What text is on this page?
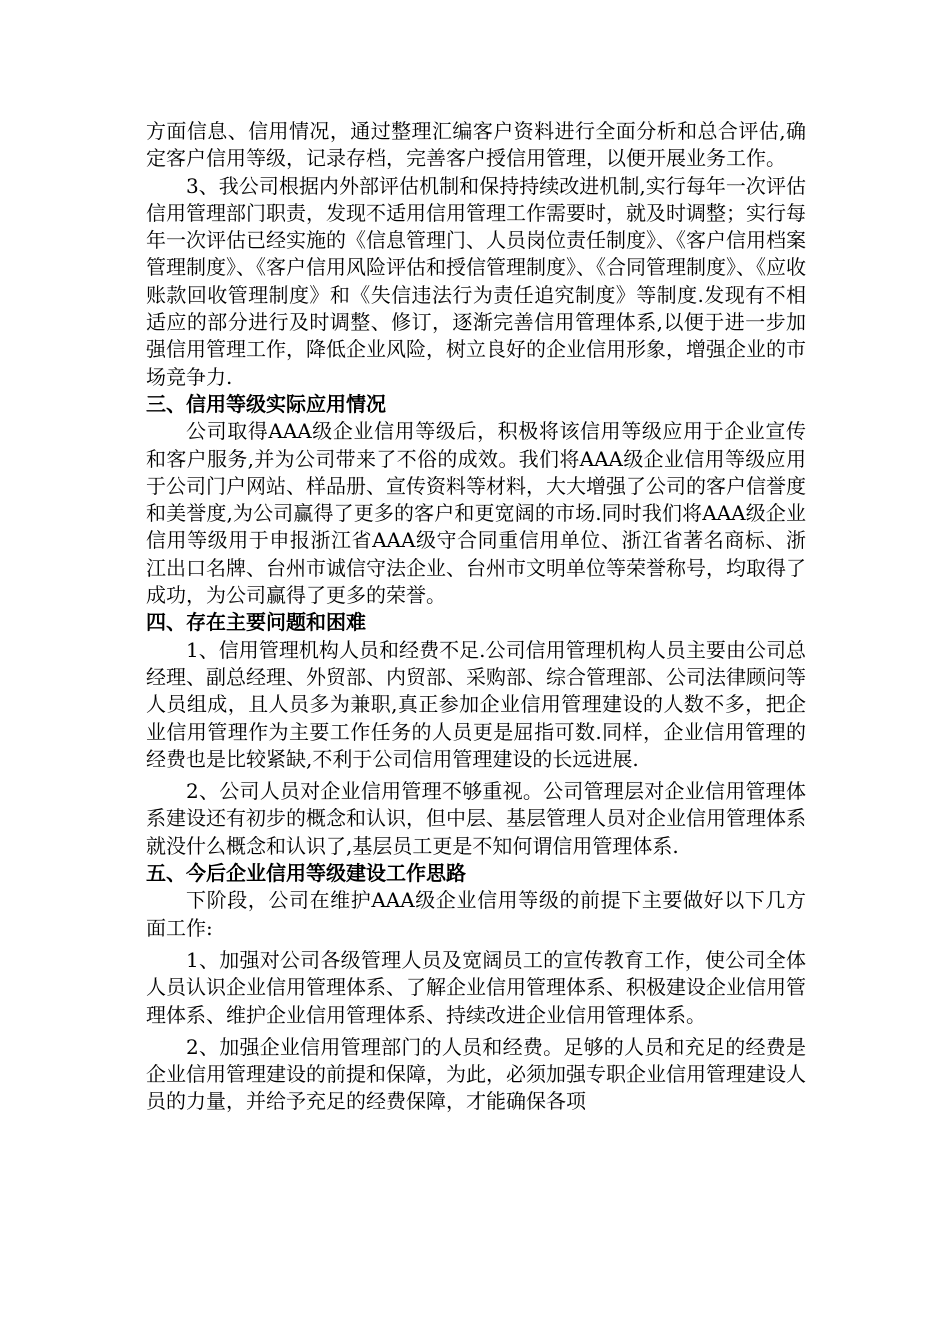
方面信息、信用情况，通过整理汇编客户资料进行全面分析和总合评估,确定客户信用等级，记录存档，完善客户授信用管理，以便开展业务工作。

3、我公司根据内外部评估机制和保持持续改进机制,实行每年一次评估信用管理部门职责，发现不适用信用管理工作需要时，就及时调整；实行每年一次评估已经实施的《信息管理门、人员岗位责任制度》、《客户信用档案管理制度》、《客户信用风险评估和授信管理制度》、《合同管理制度》、《应收账款回收管理制度》和《失信违法行为责任追究制度》等制度.发现有不相适应的部分进行及时调整、修订，逐渐完善信用管理体系,以便于进一步加强信用管理工作，降低企业风险，树立良好的企业信用形象，增强企业的市场竞争力.

三、信用等级实际应用情况

公司取得AAA级企业信用等级后，积极将该信用等级应用于企业宣传和客户服务,并为公司带来了不俗的成效。我们将AAA级企业信用等级应用于公司门户网站、样品册、宣传资料等材料，大大增强了公司的客户信誉度和美誉度,为公司赢得了更多的客户和更宽阔的市场.同时我们将AAA级企业信用等级用于申报浙江省AAA级守合同重信用单位、浙江省著名商标、浙江出口名牌、台州市诚信守法企业、台州市文明单位等荣誉称号，均取得了成功，为公司赢得了更多的荣誉。

四、存在主要问题和困难

1、信用管理机构人员和经费不足.公司信用管理机构人员主要由公司总经理、副总经理、外贸部、内贸部、采购部、综合管理部、公司法律顾问等人员组成，且人员多为兼职,真正参加企业信用管理建设的人数不多，把企业信用管理作为主要工作任务的人员更是屈指可数.同样，企业信用管理的经费也是比较紧缺,不利于公司信用管理建设的长远进展.

2、公司人员对企业信用管理不够重视。公司管理层对企业信用管理体系建设还有初步的概念和认识，但中层、基层管理人员对企业信用管理体系就没什么概念和认识了,基层员工更是不知何谓信用管理体系.

五、今后企业信用等级建设工作思路

下阶段，公司在维护AAA级企业信用等级的前提下主要做好以下几方面工作:

1、加强对公司各级管理人员及宽阔员工的宣传教育工作，使公司全体人员认识企业信用管理体系、了解企业信用管理体系、积极建设企业信用管理体系、维护企业信用管理体系、持续改进企业信用管理体系。

2、加强企业信用管理部门的人员和经费。足够的人员和充足的经费是企业信用管理建设的前提和保障，为此，必须加强专职企业信用管理建设人员的力量，并给予充足的经费保障，才能确保各项
